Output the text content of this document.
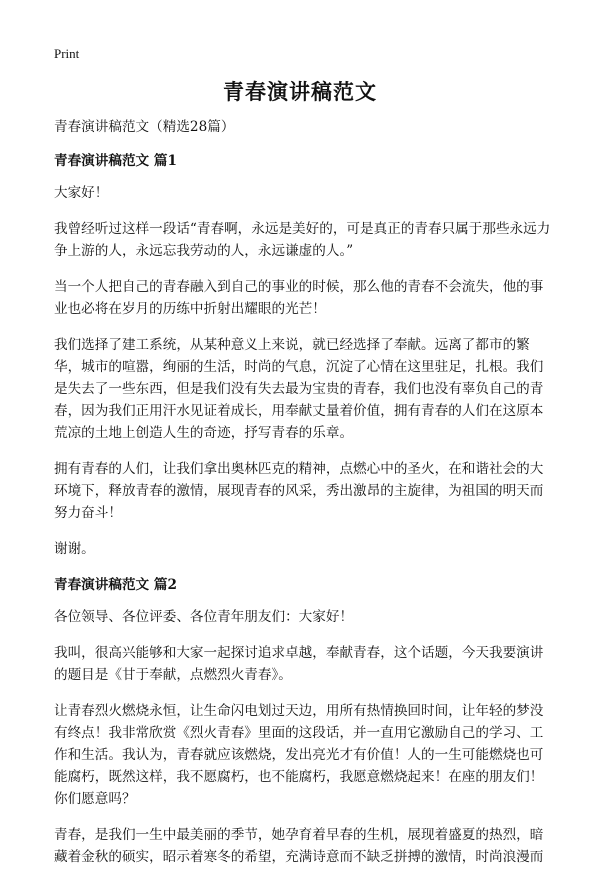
Print
青春演讲稿范文

青春演讲稿范文（精选28篇）

青春演讲稿范文 篇1

大家好！

我曾经听过这样一段话“青春啊，永远是美好的，可是真正的青春只属于那些永远力争上游的人，永远忘我劳动的人，永远谦虚的人。”

当一个人把自己的青春融入到自己的事业的时候，那么他的青春不会流失，他的事业也必将在岁月的历练中折射出耀眼的光芒！

我们选择了建工系统，从某种意义上来说，就已经选择了奉献。远离了都市的繁华，城市的喧嚣，绚丽的生活，时尚的气息，沉淀了心情在这里驻足，扎根。我们是失去了一些东西，但是我们没有失去最为宝贵的青春，我们也没有辜负自己的青春，因为我们正用汗水见证着成长，用奉献丈量着价值，拥有青春的人们在这原本荒凉的土地上创造人生的奇迹，抒写青春的乐章。

拥有青春的人们，让我们拿出奥林匹克的精神，点燃心中的圣火，在和谐社会的大环境下，释放青春的激情，展现青春的风采，秀出激昂的主旋律，为祖国的明天而努力奋斗！

谢谢。

青春演讲稿范文 篇2

各位领导、各位评委、各位青年朋友们：大家好！

我叫，很高兴能够和大家一起探讨追求卓越，奉献青春，这个话题，今天我要演讲的题目是《甘于奉献，点燃烈火青春》。

让青春烈火燃烧永恒，让生命闪电划过天边，用所有热情换回时间，让年轻的梦没有终点！我非常欣赏《烈火青春》里面的这段话，并一直用它激励自己的学习、工作和生活。我认为，青春就应该燃烧，发出亮光才有价值！人的一生可能燃烧也可能腐朽，既然这样，我不愿腐朽，也不能腐朽，我愿意燃烧起来！在座的朋友们！你们愿意吗？

青春，是我们一生中最美丽的季节，她孕育着早春的生机，展现着盛夏的热烈，暗藏着金秋的硕实，昭示着寒冬的希望，充满诗意而不缺乏拼搏的激情，时尚浪漫而
